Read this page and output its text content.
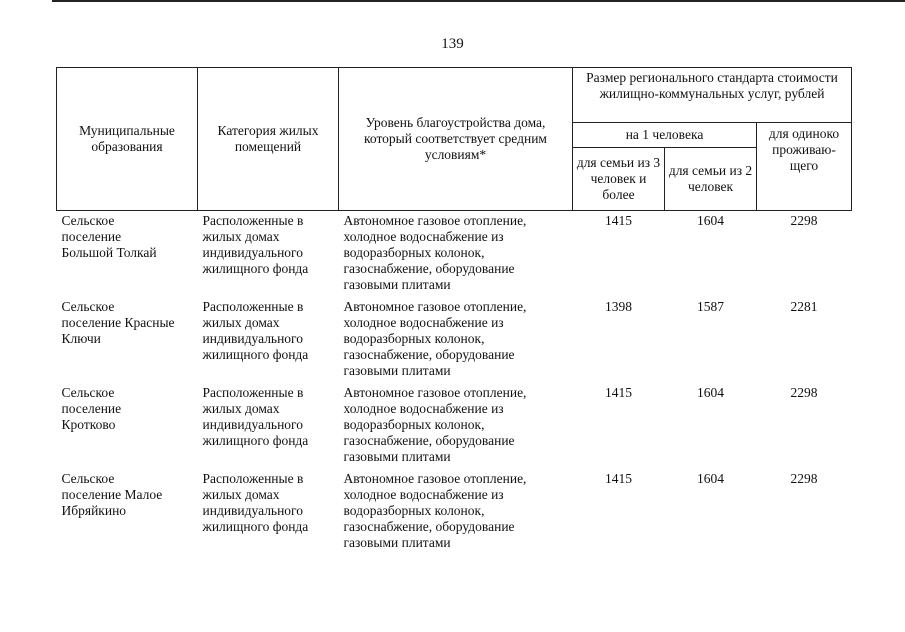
139
Муниципальные образования	Категория жилых помещений	Уровень благоустройства дома, который соответствует средним условиям*	Размер регионального стандарта стоимости жилищно-коммунальных услуг, рублей		
			на 1 человека		для одиноко проживаю-щего
			для семьи из 3 человек и более	для семьи из 2 человек	
Сельское
поселение
Большой Толкай	Расположенные в
жилых домах
индивидуального
жилищного фонда	Автономное газовое отопление,
холодное водоснабжение из
водоразборных колонок,
газоснабжение, оборудование
газовыми плитами	1415	1604	2298
Сельское
поселение Красные
Ключи	Расположенные в
жилых домах
индивидуального
жилищного фонда	Автономное газовое отопление,
холодное водоснабжение из
водоразборных колонок,
газоснабжение, оборудование
газовыми плитами	1398	1587	2281
Сельское
поселение
Кротково	Расположенные в
жилых домах
индивидуального
жилищного фонда	Автономное газовое отопление,
холодное водоснабжение из
водоразборных колонок,
газоснабжение, оборудование
газовыми плитами	1415	1604	2298
Сельское
поселение Малое
Ибряйкино	Расположенные в
жилых домах
индивидуального
жилищного фонда	Автономное газовое отопление,
холодное водоснабжение из
водоразборных колонок,
газоснабжение, оборудование
газовыми плитами	1415	1604	2298
